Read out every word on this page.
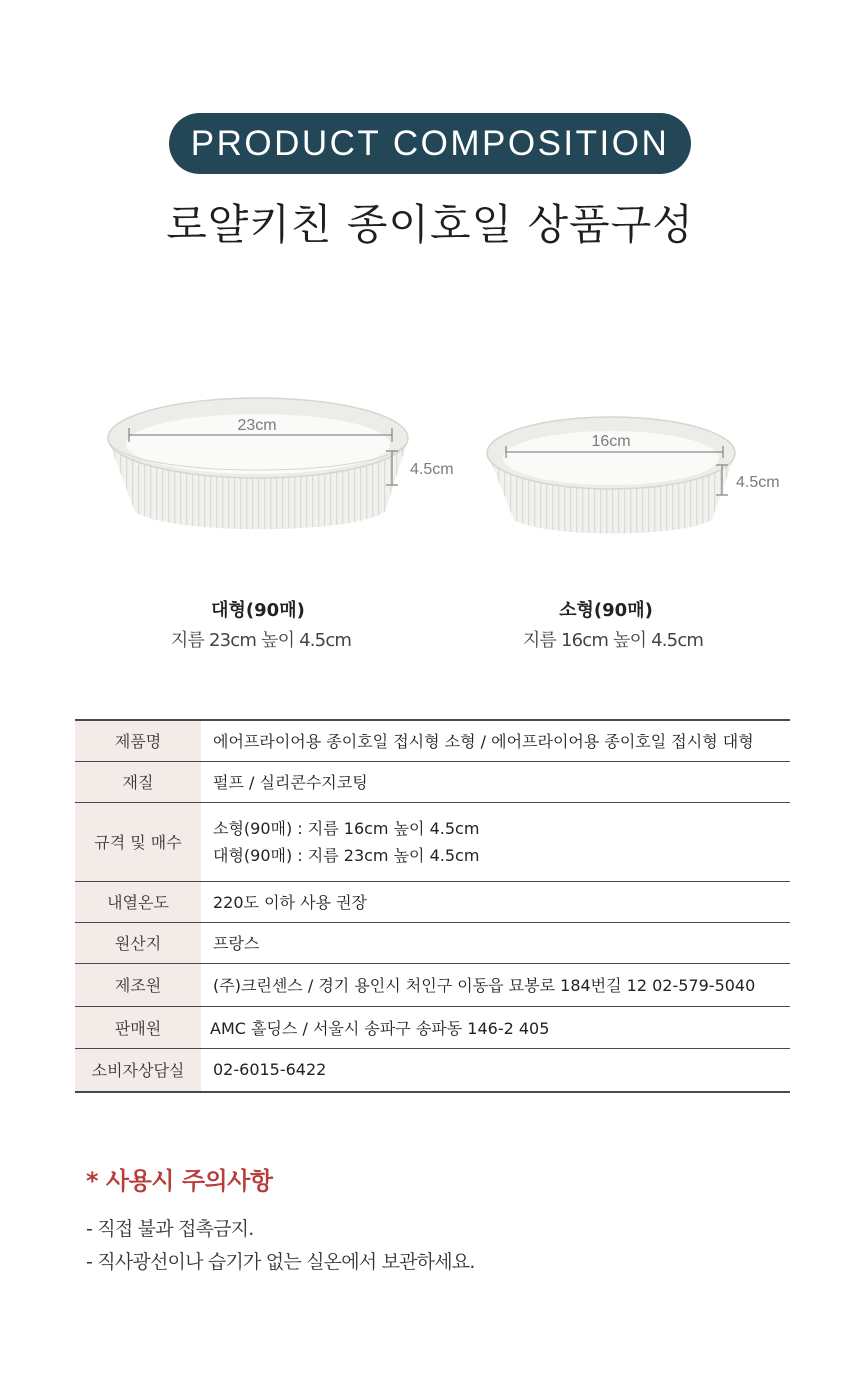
PRODUCT COMPOSITION
로얄키친 종이호일 상품구성
23cm
4.5cm
16cm
4.5cm
대형(90매)
지름 23cm 높이 4.5cm
소형(90매)
지름 16cm 높이 4.5cm
제품명	에어프라이어용 종이호일 접시형 소형 / 에어프라이어용 종이호일 접시형 대형
재질	펄프 / 실리콘수지코팅
규격 및 매수	소형(90매) : 지름 16cm 높이 4.5cm
대형(90매) : 지름 23cm 높이 4.5cm

내열온도	220도 이하 사용 권장
원산지	프랑스
제조원	(주)크린센스 / 경기 용인시 처인구 이동읍 묘봉로 184번길 12 02-579-5040
판매원	AMC 홀딩스 / 서울시 송파구 송파동 146-2 405
소비자상담실	02-6015-6422
* 사용시 주의사항
- 직접 불과 접촉금지.
- 직사광선이나 습기가 없는 실온에서 보관하세요.
